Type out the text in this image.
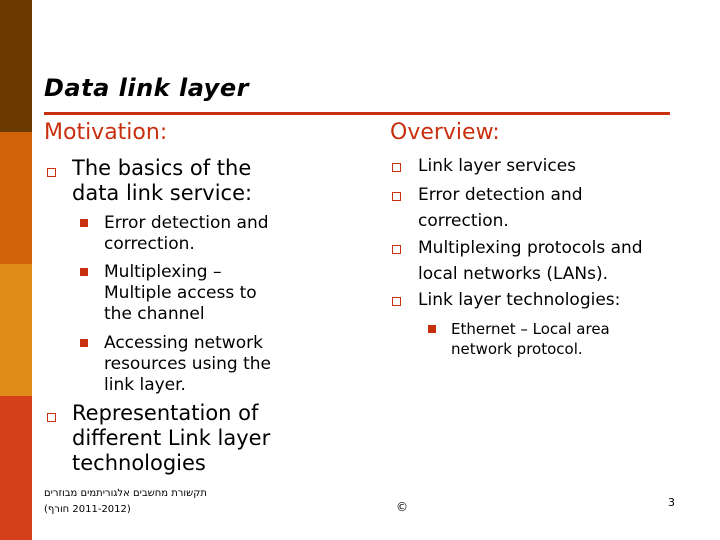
Data link layer
Motivation:
The basics of the
data link service:
Error detection and
correction.
Multiplexing –
Multiple access to
the channel
Accessing network
resources using the
link layer.
Representation of
different Link layer
technologies
Overview:
Link layer services
Error detection and
correction.
Multiplexing protocols and
local networks (LANs).
Link layer technologies:
Ethernet – Local area
network protocol.
תקשורת מחשבים אלגוריתמים מבוזרים
(2011-2012 חורף)	©	3
